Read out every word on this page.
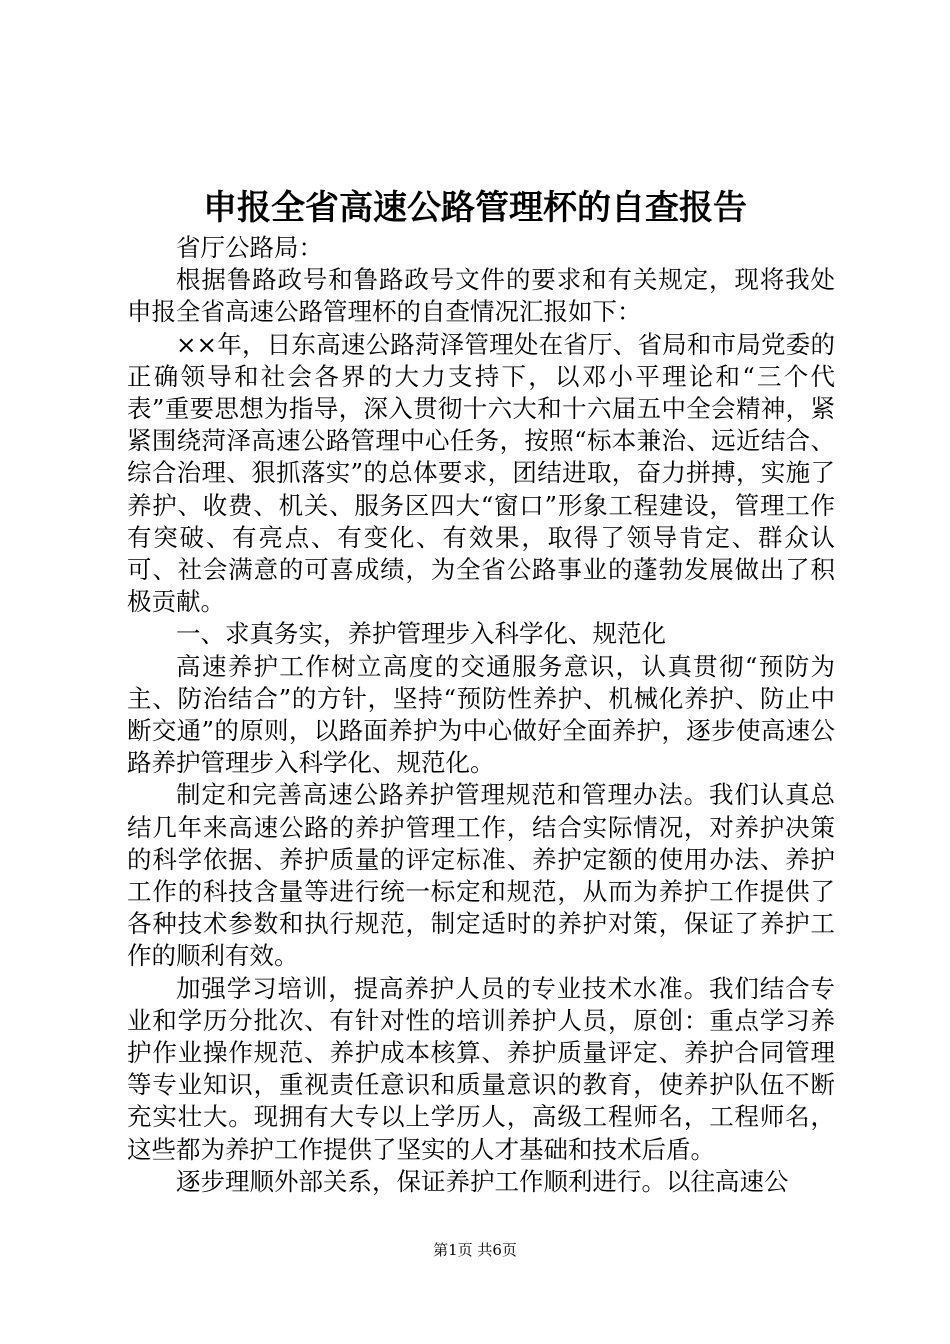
申报全省高速公路管理杯的自查报告

省厅公路局：

根据鲁路政号和鲁路政号文件的要求和有关规定，现将我处申报全省高速公路管理杯的自查情况汇报如下：

××年，日东高速公路菏泽管理处在省厅、省局和市局党委的正确领导和社会各界的大力支持下，以邓小平理论和“三个代表”重要思想为指导，深入贯彻十六大和十六届五中全会精神，紧紧围绕菏泽高速公路管理中心任务，按照“标本兼治、远近结合、综合治理、狠抓落实”的总体要求，团结进取，奋力拼搏，实施了养护、收费、机关、服务区四大“窗口”形象工程建设，管理工作有突破、有亮点、有变化、有效果，取得了领导肯定、群众认可、社会满意的可喜成绩，为全省公路事业的蓬勃发展做出了积极贡献。

一、求真务实，养护管理步入科学化、规范化

高速养护工作树立高度的交通服务意识，认真贯彻“预防为主、防治结合”的方针，坚持“预防性养护、机械化养护、防止中断交通”的原则，以路面养护为中心做好全面养护，逐步使高速公路养护管理步入科学化、规范化。

制定和完善高速公路养护管理规范和管理办法。我们认真总结几年来高速公路的养护管理工作，结合实际情况，对养护决策的科学依据、养护质量的评定标准、养护定额的使用办法、养护工作的科技含量等进行统一标定和规范，从而为养护工作提供了各种技术参数和执行规范，制定适时的养护对策，保证了养护工作的顺利有效。

加强学习培训，提高养护人员的专业技术水准。我们结合专业和学历分批次、有针对性的培训养护人员，原创：重点学习养护作业操作规范、养护成本核算、养护质量评定、养护合同管理等专业知识，重视责任意识和质量意识的教育，使养护队伍不断充实壮大。现拥有大专以上学历人，高级工程师名，工程师名，这些都为养护工作提供了坚实的人才基础和技术后盾。

逐步理顺外部关系，保证养护工作顺利进行。以往高速公

第1页 共6页
